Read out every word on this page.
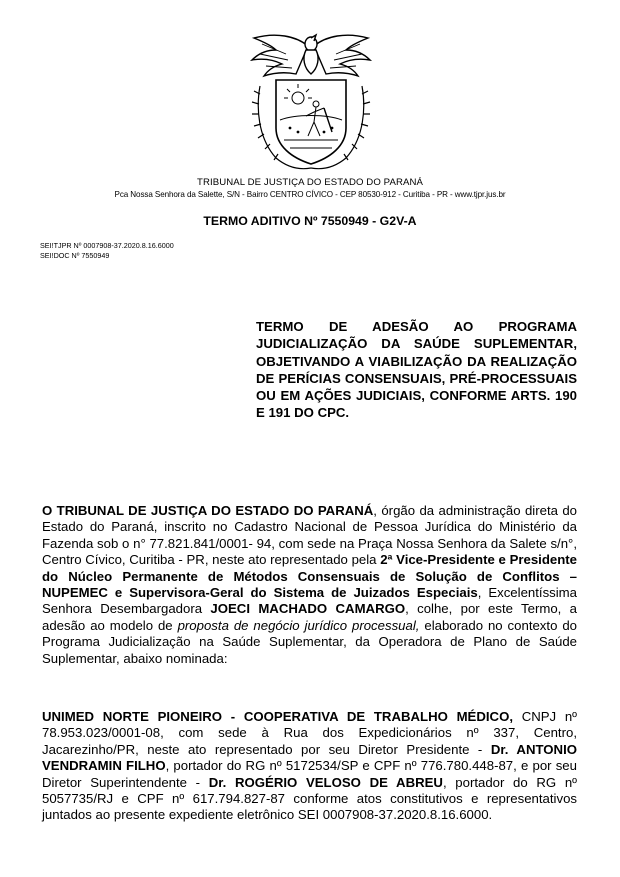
TRIBUNAL DE JUSTIÇA DO ESTADO DO PARANÁ
Pca Nossa Senhora da Salette, S/N - Bairro CENTRO CÍVICO - CEP 80530-912 - Curitiba - PR - www.tjpr.jus.br
TERMO ADITIVO Nº 7550949 - G2V-A
SEI!TJPR Nº 0007908-37.2020.8.16.6000
SEI!DOC Nº 7550949
TERMO DE ADESÃO AO PROGRAMA JUDICIALIZAÇÃO DA SAÚDE SUPLEMENTAR, OBJETIVANDO A VIABILIZAÇÃO DA REALIZAÇÃO DE PERÍCIAS CONSENSUAIS, PRÉ-PROCESSUAIS OU EM AÇÕES JUDICIAIS, CONFORME ARTS. 190 E 191 DO CPC.
O TRIBUNAL DE JUSTIÇA DO ESTADO DO PARANÁ, órgão da administração direta do Estado do Paraná, inscrito no Cadastro Nacional de Pessoa Jurídica do Ministério da Fazenda sob o n° 77.821.841/0001- 94, com sede na Praça Nossa Senhora da Salete s/n°, Centro Cívico, Curitiba - PR, neste ato representado pela 2ª Vice-Presidente e Presidente do Núcleo Permanente de Métodos Consensuais de Solução de Conflitos – NUPEMEC e Supervisora-Geral do Sistema de Juizados Especiais, Excelentíssima Senhora Desembargadora JOECI MACHADO CAMARGO, colhe, por este Termo, a adesão ao modelo de proposta de negócio jurídico processual, elaborado no contexto do Programa Judicialização na Saúde Suplementar, da Operadora de Plano de Saúde Suplementar, abaixo nominada:
UNIMED NORTE PIONEIRO - COOPERATIVA DE TRABALHO MÉDICO, CNPJ nº 78.953.023/0001-08, com sede à Rua dos Expedicionários nº 337, Centro, Jacarezinho/PR, neste ato representado por seu Diretor Presidente - Dr. ANTONIO VENDRAMIN FILHO, portador do RG nº 5172534/SP e CPF nº 776.780.448-87, e por seu Diretor Superintendente - Dr. ROGÉRIO VELOSO DE ABREU, portador do RG nº 5057735/RJ e CPF nº 617.794.827-87 conforme atos constitutivos e representativos juntados ao presente expediente eletrônico SEI 0007908-37.2020.8.16.6000.
